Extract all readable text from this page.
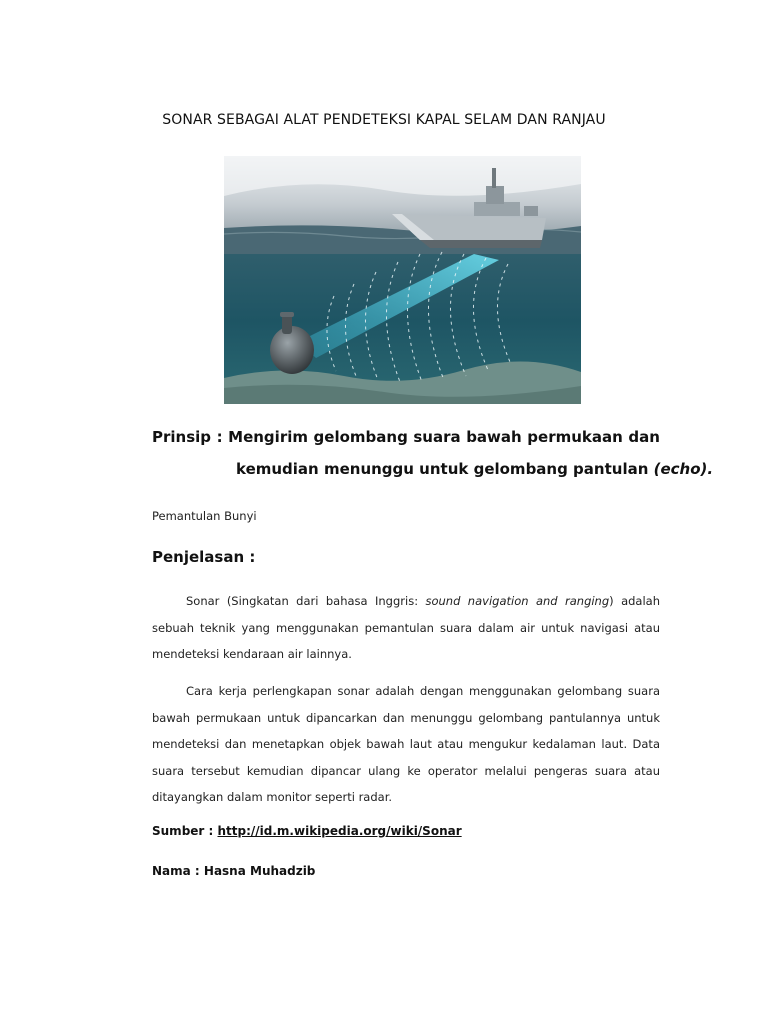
SONAR SEBAGAI ALAT PENDETEKSI KAPAL SELAM DAN RANJAU
Prinsip : Mengirim gelombang suara bawah permukaan dan
kemudian menunggu untuk gelombang pantulan (echo).
Pemantulan Bunyi
Penjelasan :
Sonar (Singkatan dari bahasa Inggris: sound navigation and ranging) adalah sebuah teknik yang menggunakan pemantulan suara dalam air untuk navigasi atau mendeteksi kendaraan air lainnya.
Cara kerja perlengkapan sonar adalah dengan menggunakan gelombang suara bawah permukaan untuk dipancarkan dan menunggu gelombang pantulannya untuk mendeteksi dan menetapkan objek bawah laut atau mengukur kedalaman laut. Data suara tersebut kemudian dipancar ulang ke operator melalui pengeras suara atau ditayangkan dalam monitor seperti radar.
Sumber : http://id.m.wikipedia.org/wiki/Sonar
Nama : Hasna Muhadzib
